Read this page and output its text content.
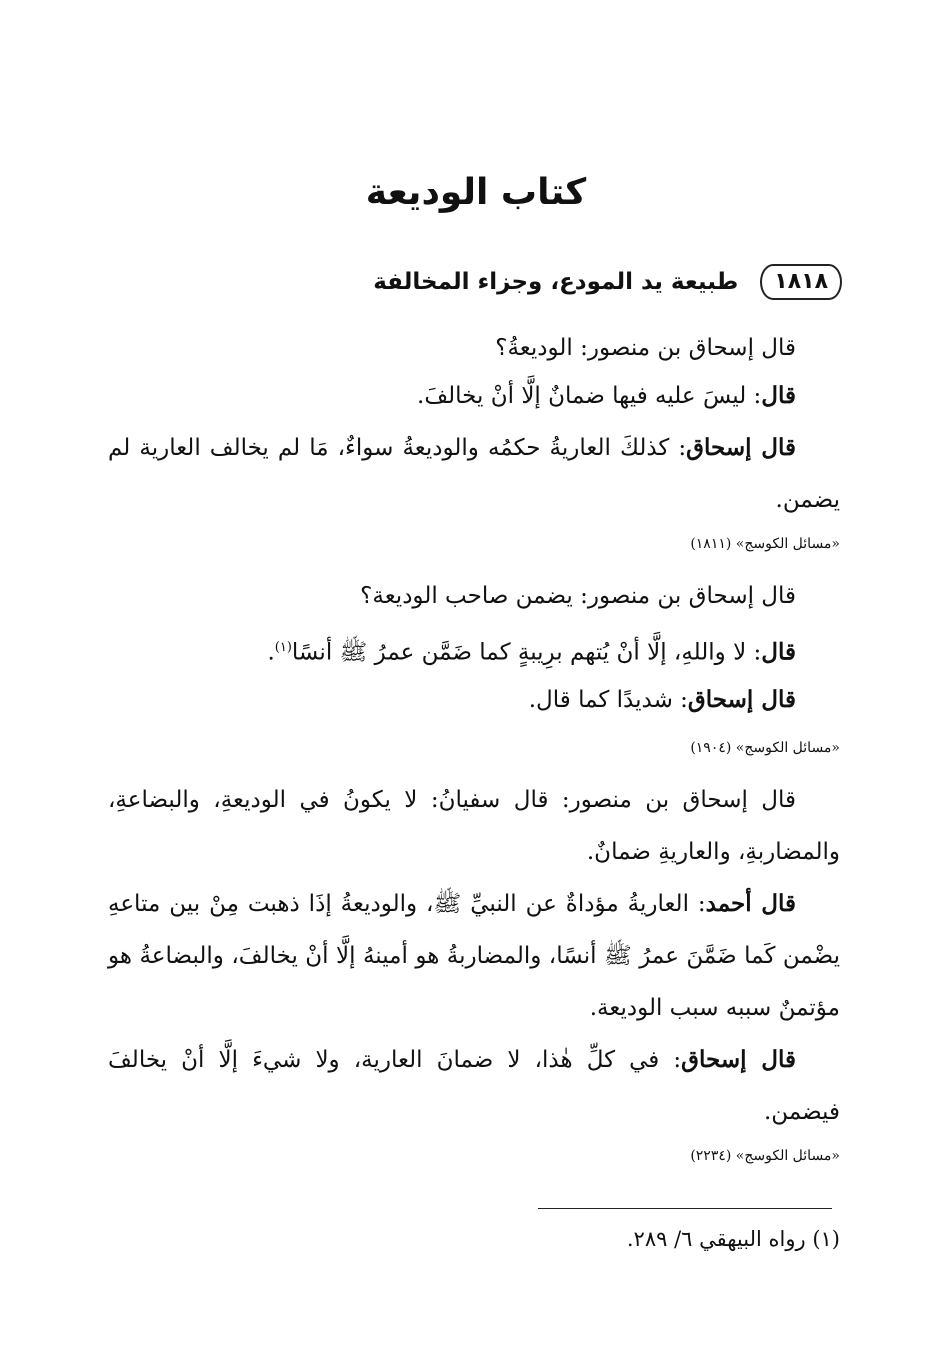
كتاب الوديعة
١٨١٨
طبيعة يد المودع، وجزاء المخالفة

قال إسحاق بن منصور: الوديعةُ؟

قال: ليسَ عليه فيها ضمانٌ إلَّا أنْ يخالفَ.

قال إسحاق: كذلكَ العاريةُ حكمُه والوديعةُ سواءٌ، مَا لم يخالف العارية لم يضمن.

«مسائل الكوسج» (١٨١١)

قال إسحاق بن منصور: يضمن صاحب الوديعة؟

قال: لا واللهِ، إلَّا أنْ يُتهم برِيبةٍ كما ضَمَّن عمرُ ﷺ أنسًا$^{(١)}$.

قال إسحاق: شديدًا كما قال.

«مسائل الكوسج» (١٩٠٤)

قال إسحاق بن منصور: قال سفيانُ: لا يكونُ في الوديعةِ، والبضاعةِ، والمضاربةِ، والعاريةِ ضمانٌ.

قال أحمد: العاريةُ مؤداةٌ عن النبيِّ ﷺ، والوديعةُ إذَا ذهبت مِنْ بين متاعهِ يضْمن كَما ضَمَّنَ عمرُ ﷺ أنسًا، والمضاربةُ هو أمينهُ إلَّا أنْ يخالفَ، والبضاعةُ هو مؤتمنٌ سببه سبب الوديعة.

قال إسحاق: في كلِّ هٰذا، لا ضمانَ العارية، ولا شيءَ إلَّا أنْ يخالفَ فيضمن.

«مسائل الكوسج» (٢٢٣٤)
(١) رواه البيهقي ٦/ ٢٨٩.
